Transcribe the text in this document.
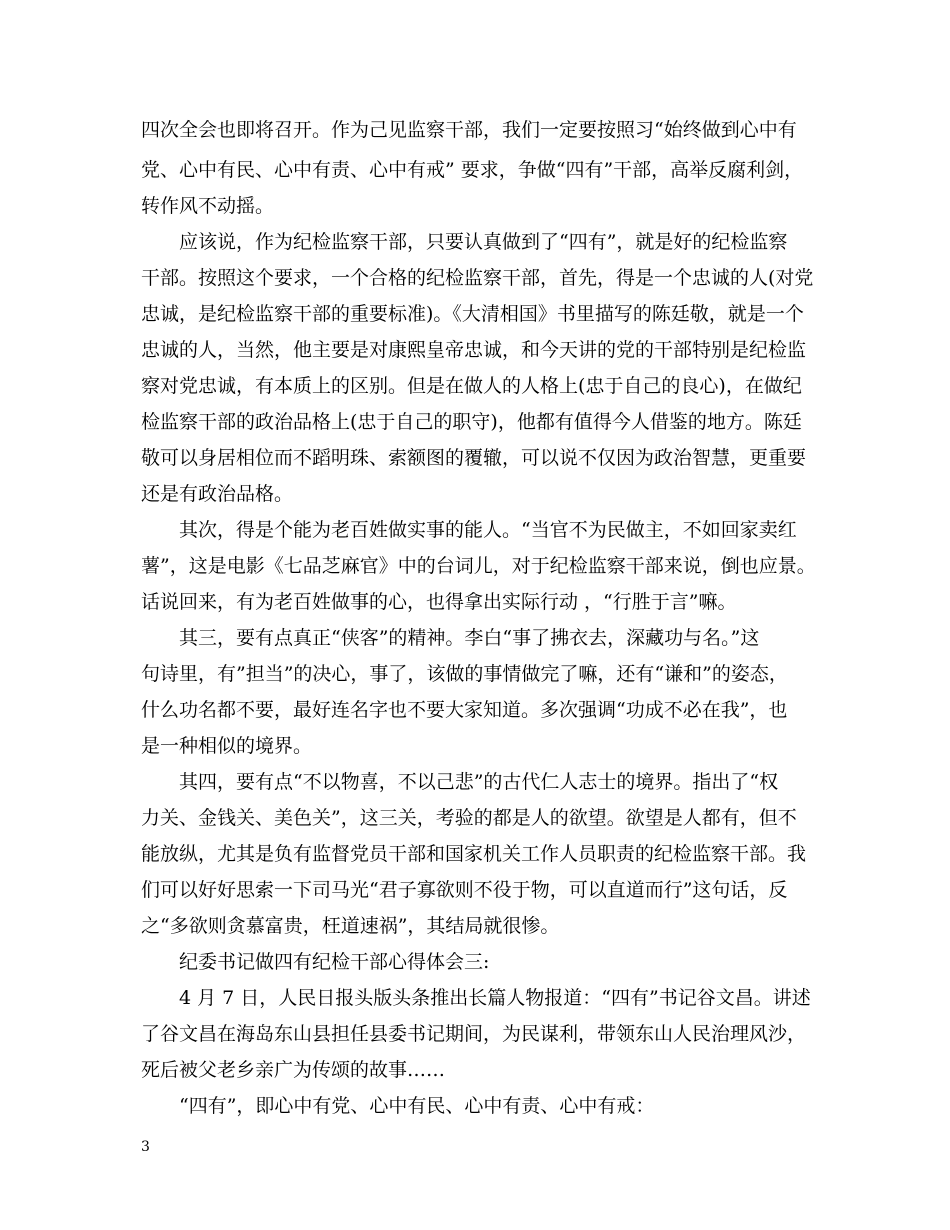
四次全会也即将召开。作为己见监察干部，我们一定要按照习“始终做到心中有
党、心中有民、心中有责、心中有戒” 要求，争做“四有”干部，高举反腐利剑，
转作风不动摇。
　　应该说，作为纪检监察干部，只要认真做到了“四有”，就是好的纪检监察
干部。按照这个要求，一个合格的纪检监察干部，首先，得是一个忠诚的人(对党
忠诚，是纪检监察干部的重要标准)。《大清相国》书里描写的陈廷敬，就是一个
忠诚的人，当然，他主要是对康熙皇帝忠诚，和今天讲的党的干部特别是纪检监
察对党忠诚，有本质上的区别。但是在做人的人格上(忠于自己的良心)，在做纪
检监察干部的政治品格上(忠于自己的职守)，他都有值得今人借鉴的地方。陈廷
敬可以身居相位而不蹈明珠、索额图的覆辙，可以说不仅因为政治智慧，更重要
还是有政治品格。
　　其次，得是个能为老百姓做实事的能人。“当官不为民做主，不如回家卖红
薯”，这是电影《七品芝麻官》中的台词儿，对于纪检监察干部来说，倒也应景。
话说回来，有为老百姓做事的心，也得拿出实际行动 ，“行胜于言”嘛。
　　其三，要有点真正“侠客”的精神。李白“事了拂衣去，深藏功与名。”这
句诗里，有”担当”的决心，事了，该做的事情做完了嘛，还有“谦和”的姿态，
什么功名都不要，最好连名字也不要大家知道。多次强调“功成不必在我”，也
是一种相似的境界。
　　其四，要有点“不以物喜，不以己悲”的古代仁人志士的境界。指出了“权
力关、金钱关、美色关”，这三关，考验的都是人的欲望。欲望是人都有，但不
能放纵，尤其是负有监督党员干部和国家机关工作人员职责的纪检监察干部。我
们可以好好思索一下司马光“君子寡欲则不役于物，可以直道而行”这句话，反
之“多欲则贪慕富贵，枉道速祸”，其结局就很惨。
　　纪委书记做四有纪检干部心得体会三:
　　4 月 7 日，人民日报头版头条推出长篇人物报道：“四有”书记谷文昌。讲述
了谷文昌在海岛东山县担任县委书记期间，为民谋利，带领东山人民治理风沙，
死后被父老乡亲广为传颂的故事……
　　“四有”，即心中有党、心中有民、心中有责、心中有戒：
3
